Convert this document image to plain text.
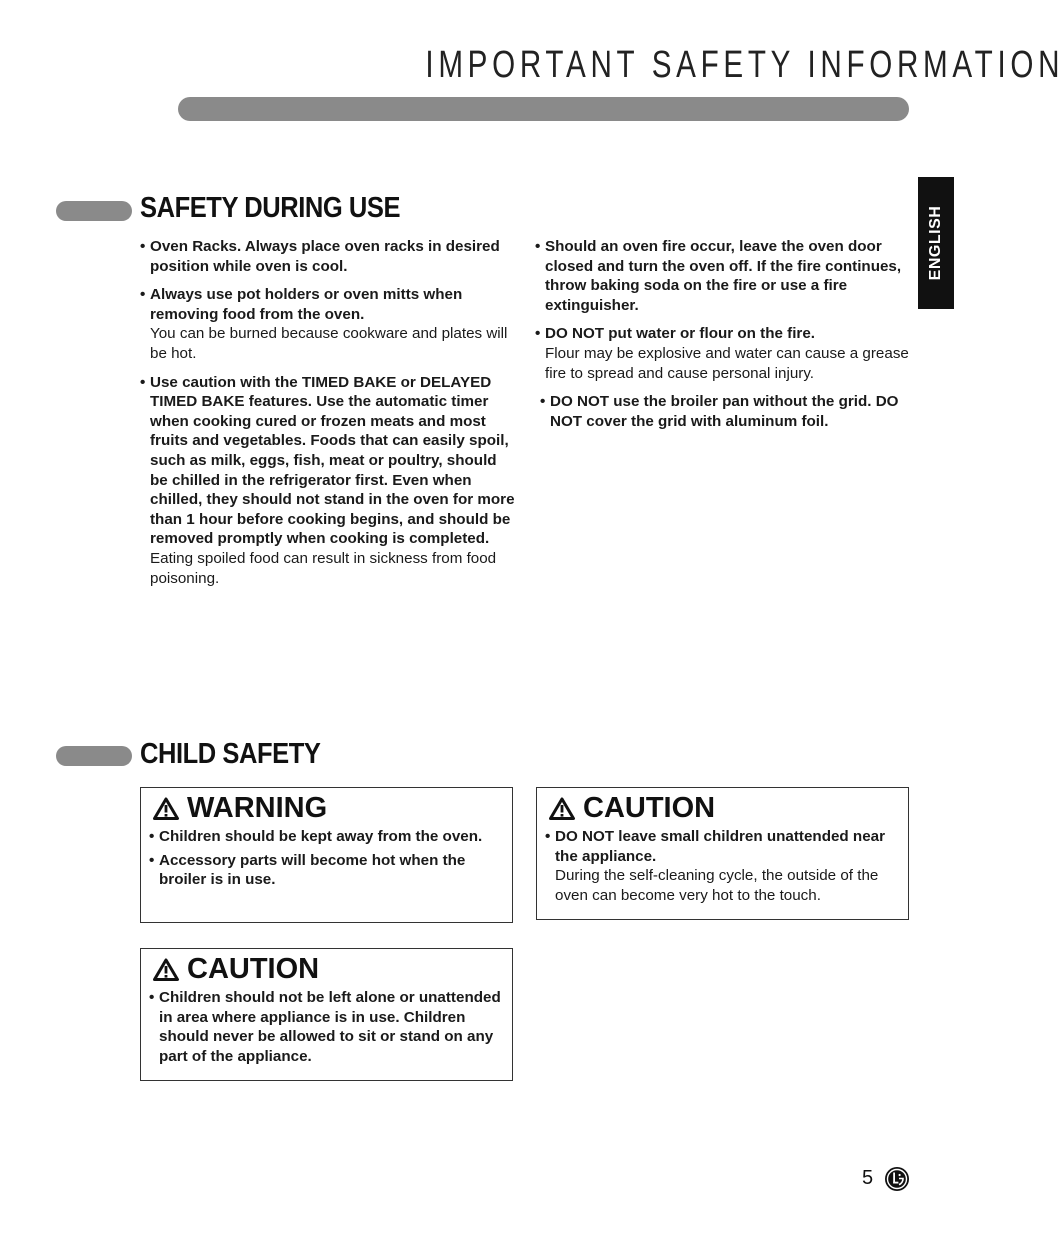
IMPORTANT SAFETY INFORMATION
ENGLISH
SAFETY DURING USE
• Oven Racks. Always place oven racks in desired position while oven is cool.
• Always use pot holders or oven mitts when removing food from the oven.
You can be burned because cookware and plates will be hot.
• Use caution with the TIMED BAKE or DELAYED TIMED BAKE features. Use the automatic timer when cooking cured or frozen meats and most fruits and vegetables. Foods that can easily spoil, such as milk, eggs, fish, meat or poultry, should be chilled in the refrigerator first. Even when chilled, they should not stand in the oven for more than 1 hour before cooking begins, and should be removed promptly when cooking is completed.
Eating spoiled food can result in sickness from food poisoning.
• Should an oven fire occur, leave the oven door closed and turn the oven off. If the fire continues, throw baking soda on the fire or use a fire extinguisher.
• DO NOT put water or flour on the fire.
Flour may be explosive and water can cause a grease fire to spread and cause personal injury.
• DO NOT use the broiler pan without the grid. DO NOT cover the grid with aluminum foil.
CHILD SAFETY
WARNING
• Children should be kept away from the oven.
• Accessory parts will become hot when the broiler is in use.
CAUTION
• DO NOT leave small children unattended near the appliance.
During the self-cleaning cycle, the outside of the oven can become very hot to the touch.
CAUTION
• Children should not be left alone or unattended in area where appliance is in use. Children should never be allowed to sit or stand on any part of the appliance.
5
